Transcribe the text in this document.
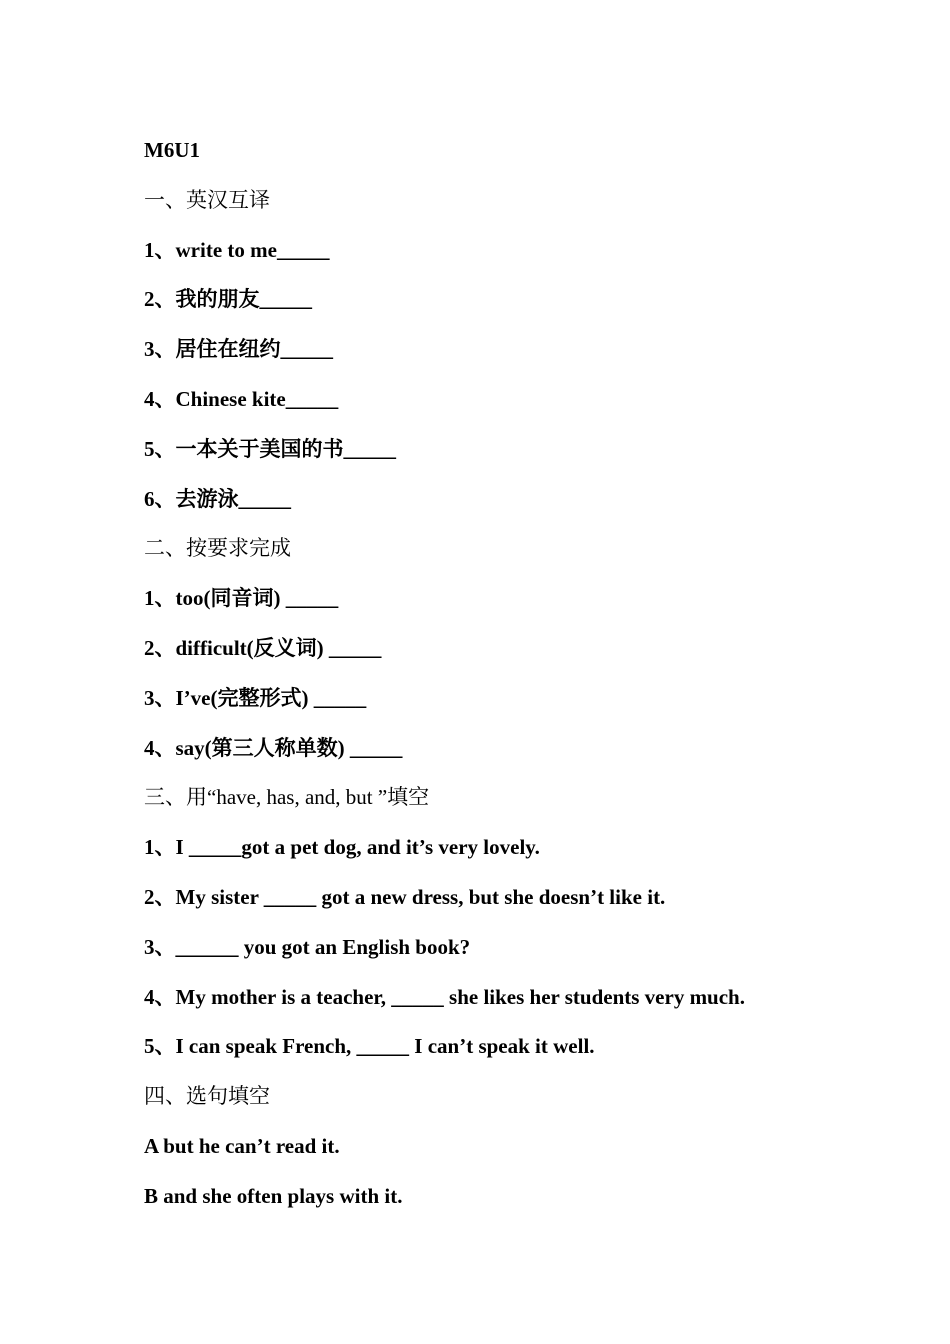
M6U1
一、英汉互译
1、write to me_____
2、我的朋友_____
3、居住在纽约_____
4、Chinese kite_____
5、一本关于美国的书_____
6、去游泳_____
二、按要求完成
1、too(同音词) _____
2、difficult(反义词) _____
3、I’ve(完整形式) _____
4、say(第三人称单数) _____
三、用“have, has, and, but ”填空
1、I _____got a pet dog, and it’s very lovely.
2、My sister _____ got a new dress, but she doesn’t like it.
3、______ you got an English book?
4、My mother is a teacher, _____ she likes her students very much.
5、I can speak French, _____ I can’t speak it well.
四、选句填空
A but he can’t read it.
B and she often plays with it.
